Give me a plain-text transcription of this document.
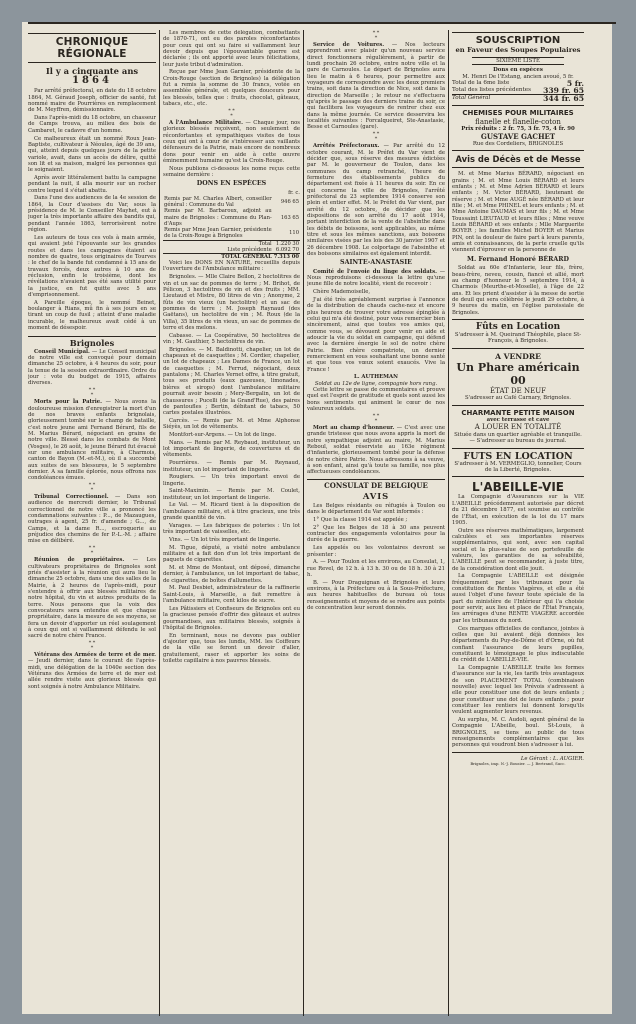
CHRONIQUE RÉGIONALE
Il y a cinquante ans
1864

Par arrêté préfectoral, en date du 18 octobre 1864, M. Géraud Joseph, officier de santé, fut nommé maire de Pourrières en remplacement de M. Meyffren, démissionnaire.

Dans l'après-midi du 18 octobre, un chasseur de Camps trouva, au milieu des bois de Cambaret, le cadavre d'un homme.

Ce malheureux était un nommé Roux Jean-Baptiste, cultivateur à Néoules, âgé de 39 ans, qui, atteint depuis quelques jours de la petite variole, avait, dans un accès de délire, quitté son lit et sa maison, malgré les personnes qui le soignaient.

Après avoir littéralement battu la campagne pendant la nuit, il alla mourir sur un rocher contre lequel il s'était abattu.

Dans l'une des audiences de la 4e session de 1864, la Cour d'assises du Var, sous la présidence de M. le Conseiller Mayhet, eut à juger la très importante affaire des bandits qui, pendant l'année 1863, terrorisèrent notre région.

Les auteurs de tous ces vols à main armée, qui avaient jeté l'épouvante sur les grandes routes et dans les campagnes étaient au nombre de quatre, tous originaires de Tourves : le chef de la bande fut condamné à 15 ans de travaux forcés, deux autres à 10 ans de réclusion, enfin le troisième, dont les révélations n'avaient pas été sans utilité pour la justice, en fut quitte avec 5 ans d'emprisonnement.

A Pareille époque, le nommé Beinet, boulanger à Rians, mû fin à ses jours en se tirant un coup de fusil ; atteint d'une maladie incurable, le malheureux avait cédé à un moment de désespoir.

Brignoles

Conseil Municipal. — Le Conseil municipal de notre ville est convoqué pour demain dimanche 25 octobre, à 4 heures du soir, pour la tenue de la session extraordinaire. Ordre du jour : vote du budget de 1915, affaires diverses.

* *
*

Morts pour la Patrie. — Nous avons la douloureuse mission d'enregistrer la mort d'un de nos braves enfants brignolais, glorieusement tombé sur le champ de bataille, c'est notre jeune ami Fernand Bérard, fils de M. Marius Bérard, négociant en grains de notre ville. Blessé dans les combats de Mont (Vosges), le 26 août, le jeune Bérard fut évacué sur une ambulance militaire, à Charmois, canton de Bayon (M.-et-M.), où il a succombé aux suites de ses blessures, le 5 septembre dernier. A sa famille éplorée, nous offrons nos condoléances émues.

* *
*

Tribunal Correctionnel. — Dans son audience de mercredi dernier, le Tribunal correctionnel de notre ville a prononcé les condamnations suivantes : P..., de Mazaugues, outrages à agent, 25 fr. d'amende ; G..., de Camps, et la dame R..., escroquerie au préjudice des chemins de fer P.-L.-M. ; affaire mise en délibéré.

* *
*

Réunion de propriétaires. — Les cultivateurs propriétaires de Brignoles sont priés d'assister à la réunion qui aura lieu le dimanche 25 octobre, dans une des salles de la Mairie, à 2 heures de l'après-midi, pour s'entendre à offrir aux blessés militaires de notre hôpital, du vin et autres produits de la terre. Nous pensons que la voix des convocateurs sera entendue et que chaque propriétaire, dans la mesure de ses moyens, se fera un devoir d'apporter un réel soulagement à ceux qui ont si vaillamment défendu le sol sacré de notre chère France.

* *
*

Vétérans des Armées de terre et de mer. — Jeudi dernier, dans le courant de l'après-midi, une délégation de la 1040e section des Vétérans des Armées de terre et de mer est allée rendre visite aux glorieux blessés qui sont soignés à notre Ambulance Militaire.

Les membres de cette délégation, combattants de 1870-71, ont eu des paroles réconfortantes pour ceux qui ont su faire si vaillamment leur devoir depuis que l'épouvantable guerre est déclarée ; ils ont apporté avec leurs félicitations, leur juste tribut d'admiration.

Reçue par Mme Jean Garnier, présidente de la Croix-Rouge (section de Brignoles) la délégation fut a remis la somme de 30 francs, votée en assemblée générale, et quelques douceurs pour les blessés, telles que : fruits, chocolat, gâteaux, tabacs, etc., etc.

* *
*

A l'Ambulance Militaire. — Chaque jour, nos glorieux blessés reçoivent, non seulement de réconfortantes et sympathiques visites de tous ceux qui ont à cœur de s'intéresser aux vaillants défenseurs de la Patrie, mais encore de nombreux dons pour venir en aide à cette œuvre éminemment humaine qu'est la Croix-Rouge.

Nous publions ci-dessous les nome reçus cette semaine dernière :

DONS EN ESPÈCES
fr. c.
Remis par M. Charles Albert, conseiller général : Commune du Val	946 65
Remis par M. Barbaroux, adjoint au maire de Brignoles : Commune du Plan-d'Aups	163 65
Remis par Mme Jean Garnier, présidente de la Croix-Rouge à Brignoles	110
Total	1.220 30
Liste précédente	6.092 70
TOTAL GÉNÉRAL	7.313 00

Voici les DONS EN NATURE, recueillis depuis l'ouverture de l'Ambulance militaire :

Brignoles. — Mlle Claire Bellon, 2 hectolitres de vin et un sac de pommes de terre ; M. Brihot, de Pélicon, 3 hectolitres de vin et des fruits ; MM. Lieutaud et Mistre, 80 litres de vin ; Anonyme, 2 fûts de vin vieux (un hectolitre) et un sac de pommes de terre ; M. Joseph Raynaud (des Gaëtans), un hectolitre de vin ; M. Roux (de la Villa), 35 litres de vin vieux, un sac de pommes de terre et des melons.

Cabasse. — La Coopérative, 50 hectolitres de vin ; M. Gauthier, 5 hectolitres de vin.

Brignoles. — M. Baldinotti, chapelier, un lot de chapeaux et de casquettes ; M. Cordier, chapelier, un lot de chapeaux ; Les Dames de France, un lot de casquettes ; M. Ferrud, négociant, deux pantalons ; M. Charles Vernet offre, à titre gratuit, tous ses produits (eaux gazeuses, limonades, bières et sirops) dont l'ambulance militaire pourrait avoir besoin ; Mery-Bergalin, un lot de chaussures ; Pucelli (de la Grand'Rue), des paires de pantoufles ; Bertin, débitant de tabacs, 50 cartes postales illustrées.

Carcès. — Remis par M. et Mme Alphonse Siéyès, un lot de vêtements.

Montfort-sur-Argens. — Un lot de linge.

Nans. — Remis par M. Reybaud, instituteur, un lot important de lingerie, de couvertures et de vêtements.

Pourrières. — Remis par M. Reynaud, instituteur, un lot important de lingerie.

Rougiers. — Un très important envoi de lingerie.

Saint-Maximin. — Remis par M. Coulet, instituteur, un lot important de lingerie.

Le Val. — M. Ricard tient à la disposition de l'ambulance militaire, et à titre gracieux, une très grande quantité de vin.

Varages. — Les fabriques de poteries : Un lot très important de vaisselles, etc.

Vins. — Un lot très important de lingerie.

M. Tigue, député, a visité notre ambulance militaire et a fait don d'un lot très important de paquets de cigarettes.

M. et Mme de Montaut, ont déposé, dimanche dernier, à l'ambulance, un lot important de tabac, de cigarettes, de boîtes d'allumettes.

M. Paul Desbiet, administrateur de la raffinerie Saint-Louis, à Marseille, a fait remettre à l'ambulance militaire, cent kilos de sucre.

Les Pâtissiers et Confiseurs de Brignoles ont eu la gracieuse pensée d'offrir des gâteaux et autres gourmandises, aux militaires blessés, soignés à l'hôpital de Brignoles.

En terminant, nous ne devons pas oublier d'ajouter que, tous les lundis, MM. les Coiffeurs de la ville se feront un devoir d'aller, gratuitement, raser et apporter les soins de toilette capillaire à nos pauvres blessés.

* *
*

Service de Voitures. — Nos lecteurs apprendront avec plaisir qu'un nouveau service direct fonctionnera régulièrement, à partir de lundi prochain 26 octobre, entre notre ville et la gare de Carnoules. Le départ de Brignoles aura lieu le matin à 6 heures, pour permettre aux voyageurs de correspondre avec les deux premiers trains, soit dans la direction de Nice, soit dans la direction de Marseille ; le retour ne s'effectuera qu'après le passage des derniers trains du soir, ce qui facilitera les voyageurs de rentrer chez eux dans la même journée. Ce service desservira les localités suivantes : Forcalqueiret, Ste-Anastasie, Besse et Carnoules (gare).

* *
*

Arrêtés Préfectoraux. — Par arrêté du 12 octobre courant, M. le Préfet du Var vient de décider que, sous réserve des mesures édictées par M. le gouverneur de Toulon, dans les communes du camp retranché, l'heure de fermeture des établissements publics du département est fixée à 11 heures du soir. En ce qui concerne la ville de Brignoles, l'arrêté préfectoral du 23 septembre 1914 conserve son plein et entier effet. M. le Préfet du Var vient, par arrêté du 12 octobre, de décider que les dispositions de son arrêté du 17 août 1914, portant interdiction de la vente de l'absinthe dans les débits de boissons, sont applicables, au même titre et sous les mêmes sanctions, aux boissons similaires visées par les lois des 30 janvier 1907 et 26 décembre 1908. Le colportage de l'absinthe et des boissons similaires est également interdit.

SAINTE-ANASTASIE

Comité de l'envoie du linge des soldats. — Nous reproduisons ci-dessous la lettre qu'une jeune fille de notre localité, vient de recevoir :

Chère Mademoiselle,

J'ai été très agréablement surprise à l'annonce de la distribution de chauds cache-nez et encore plus heureux de trouver votre adresse épinglée à celui qui m'a été destiné, pour vous remercier bien sincèrement, ainsi que toutes vos amies qui, comme vous, se dévouent pour venir en aide et adoucir la vie du soldat en campagne, qui défend avec la dernière énergie le sol de notre chère Patrie. Bien chère compatriote, un dernier remerciement en vous souhaitant une bonne santé et que tous vos vœux soient exaucés. Vive la France !

L. AUTHEMAN
Soldat au 12e de ligne, compagnie hors rang.

Cette lettre se passe de commentaires et prouve quel est l'esprit de gratitude et quels sont aussi les bons sentiments qui animent le cœur de nos valeureux soldats.

* *
*

Mort au champ d'honneur. — C'est avec une grande tristesse que nous avons appris la mort de notre sympathique adjoint au maire, M. Marius Reboul, soldat réserviste au 163e régiment d'infanterie, glorieusement tombé pour la défense de notre chère Patrie. Nous adressons à sa veuve, à son enfant, ainsi qu'à toute sa famille, nos plus affectueuses condoléances.

CONSULAT DE BELGIQUE
AVIS

Les Belges résidants ou réfugiés à Toulon ou dans le département du Var sont informés :

1° Que la classe 1914 est appelée ;

2° Que les Belges de 18 à 30 ans peuvent contracter des engagements volontaires pour la durée de la guerre.

Les appelés ou les volontaires devront se présenter :

A. — Pour Toulon et les environs, au Consulat, 1, rue Revel, de 12 h. à 13 h. 30 ou de 18 h. 30 à 21 h.

B. — Pour Draguignan et Brignoles et leurs environs, à la Préfecture ou à la Sous-Préfecture, aux heures habituelles de bureau où tous renseignements et moyens de se rendre aux points de concentration leur seront donnés.

SOUSCRIPTION
en Faveur des Soupes Populaires
SIXIÈME LISTE
Dons en espèces
M. Henri De l'Estang, ancien avoué, 5 fr.
Total de la 6me liste	5 fr.
Total des listes précédentes 339 fr. 65
Total Général	344 fr. 65
CHEMISES POUR MILITAIRES
flanelle et flanelle-coton
Prix réduits : 2 fr. 75, 3 fr. 75, 4 fr. 90
GUSTAVE GACHET
Rue des Cordeliers, BRIGNOLES
Avis de Décès et de Messe

M. et Mme Marius BÉRARD, négociant en grains ; M. et Mme Louis BÉRARD et leurs enfants ; M. et Mme Adrien BÉRARD et leurs enfants ; M. Victor BÉRARD, lieutenant de réserve ; M. et Mme AUGÉ née BÉRARD et leur fille ; M. et Mme PHINEL et leurs enfants ; M. et Mme Antoine DAUMAS et leur fils ; M. et Mme Toussaint LIEUTAUD et leurs filles ; Mme veuve Louis BÉRARD et ses enfants ; Mlle Marguerite BOYER ; les familles Michel BOYER et Marius PIN, ont la douleur de faire part à leurs parents, amis et connaissances, de la perte cruelle qu'ils viennent d'éprouver en la personne de

M. Fernand Honoré BÉRARD

Soldat au 60e d'Infanterie, leur fils, frère, beau-frère, neveu, cousin, fiancé et allié, mort au champ d'honneur le 5 septembre 1914, à Charmois (Meurthe-et-Moselle), à l'âge de 22 ans. Et les prient d'assister à la messe de sortie de deuil qui sera célébrée le jeudi 29 octobre, à 9 heures du matin, en l'église paroissiale de Brignoles.

Fûts en Location
S'adresser à M. Queirand Théophile, place St-François, à Brignoles.
A VENDRE
Un Phare américain 00
ÉTAT DE NEUF
S'adresser au Café Carnary, Brignoles.
CHARMANTE PETITE MAISON
avec terrasse et cave
A LOUER EN TOTALITÉ
Située dans un quartier agréable et tranquille. — S'adresser au bureau du journal.
FUTS EN LOCATION
S'adresser à M. VERMEGLIO, tonnelier, Cours de la Liberté, Brignoles.
L'ABEILLE-VIE

La Compagnie d'Assurances sur la VIE L'ABEILLE précédemment autorisée par décret du 21 décembre 1877, est soumise au contrôle de l'État, en exécution de la loi du 17 mars 1905.

Outre ses réserves mathématiques, largement calculées et ses importantes réserves supplémentaires, qui sont, avec son capital social et la plus-value de son portefeuille de valeurs, les garanties de sa solvabilité, L'ABEILLE peut se recommander, à juste titre, de la considération dont elle jouit.

La Compagnie L'ABEILLE est désignée fréquemment par les tribunaux pour la constitution de Rentes Viagères, et elle a été aussi l'objet d'une faveur toute spéciale de la part du ministère de l'Intérieur qui l'a choisie pour servir, aux lieu et place de l'État Français, les arrérages d'une RENTE VIAGÈRE accordée par les tribunaux du nord.

Ces marques officielles de confiance, jointes à celles que lui avaient déjà données les départements du Puy-de-Dôme et d'Orne, où fut confiant l'assurance de leurs pupilles, constituent le témoignage le plus indiscutable du crédit de L'ABEILLE-VIE.

La Compagnie L'ABEILLE traite les formes d'assurance sur la vie, les tarifs très avantageux de son PLACEMENT TOTAL (combinaison nouvelle) avec lequel les Prévois s'adressent à elle pour constituer une dot de leurs enfants ; pour constituer une dot de leurs enfants ; pour constituer les rentiers lui donnent lorsqu'ils veulent augmenter leurs revenus.

Au surplus, M. C. Audoli, agent général de la Compagnie L'Abeille, boul. St-Louis, à BRIGNOLES, se tiens au public de tous renseignements complémentaires que les personnes qui voudront bien s'adresser à lui.

Le Gérant : L. AUGIER.
Brignoles, imp. N.-J. Bousier. — J. Bertrand, Succ.
